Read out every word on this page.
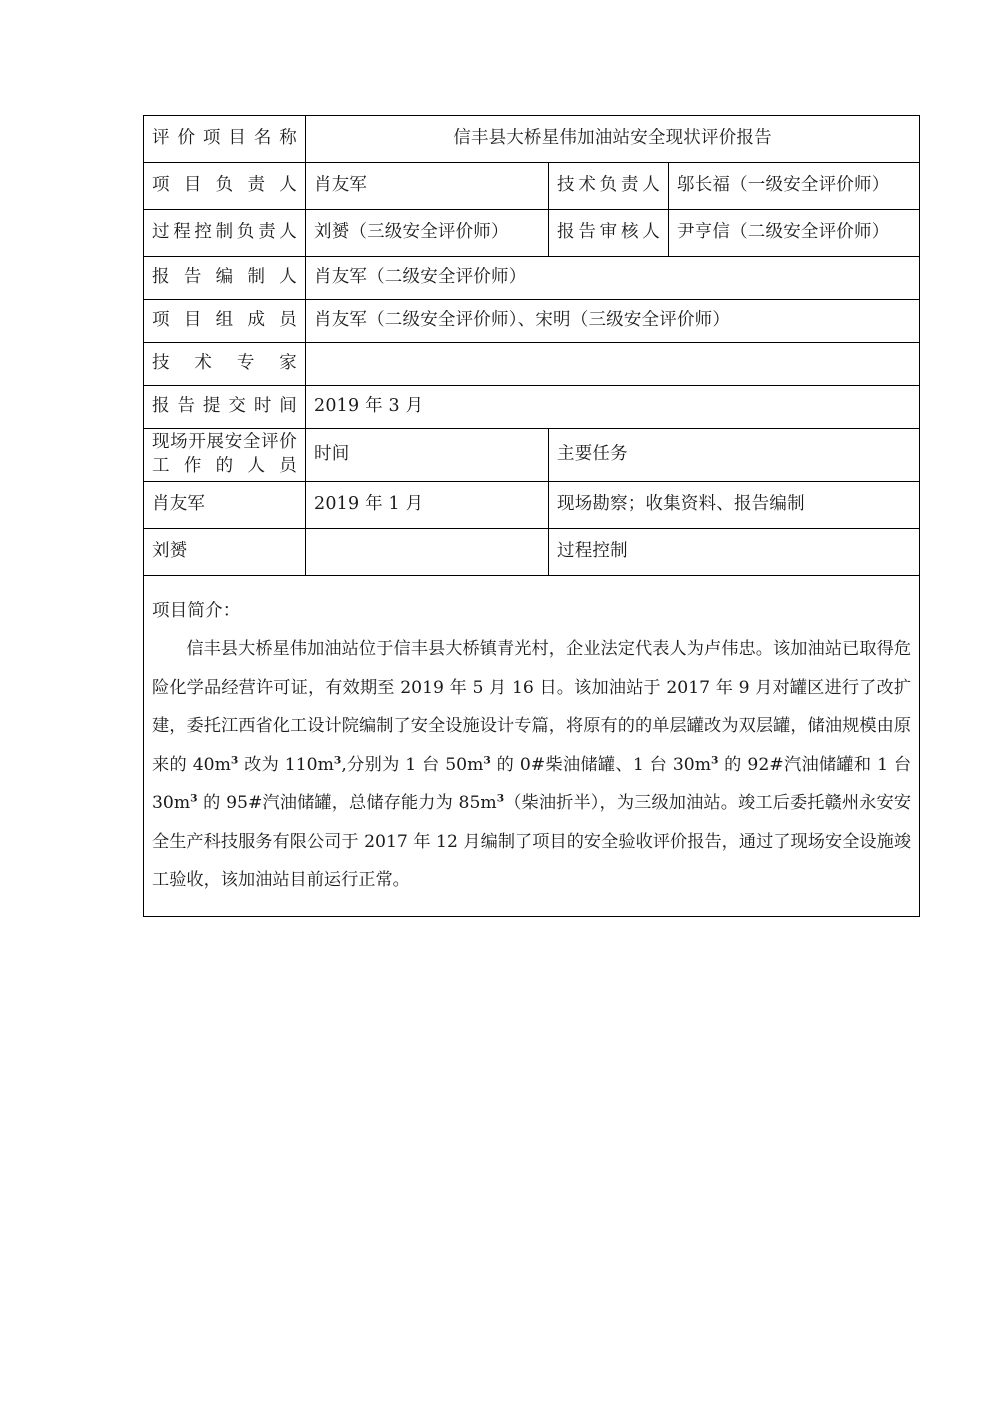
评价项目名称	信丰县大桥星伟加油站安全现状评价报告		
项目负责人	肖友军	技术负责人	邬长福（一级安全评价师）
过程控制负责人	刘赟（三级安全评价师）	报告审核人	尹亨信（二级安全评价师）
报告编制人	肖友军（二级安全评价师）		
项目组成员	肖友军（二级安全评价师）、宋明（三级安全评价师）		
技术专家			
报告提交时间	2019 年 3 月		
现场开展安全评价工作的人员	时间	主要任务	
肖友军	2019 年 1 月	现场勘察；收集资料、报告编制	
刘赟		过程控制	

项目简介：

信丰县大桥星伟加油站位于信丰县大桥镇青光村，企业法定代表人为卢伟忠。该加油站已取得危险化学品经营许可证，有效期至 2019 年 5 月 16 日。该加油站于 2017 年 9 月对罐区进行了改扩建，委托江西省化工设计院编制了安全设施设计专篇，将原有的的单层罐改为双层罐，储油规模由原来的 $40m^3$ 改为 $110m^3$,分别为 1 台 $50m^3$ 的 0#柴油储罐、1 台 $30m^3$ 的 92#汽油储罐和 1 台 $30m^3$ 的 95#汽油储罐，总储存能力为 $85m^3$（柴油折半），为三级加油站。竣工后委托赣州永安安全生产科技服务有限公司于 2017 年 12 月编制了项目的安全验收评价报告，通过了现场安全设施竣工验收，该加油站目前运行正常。			
